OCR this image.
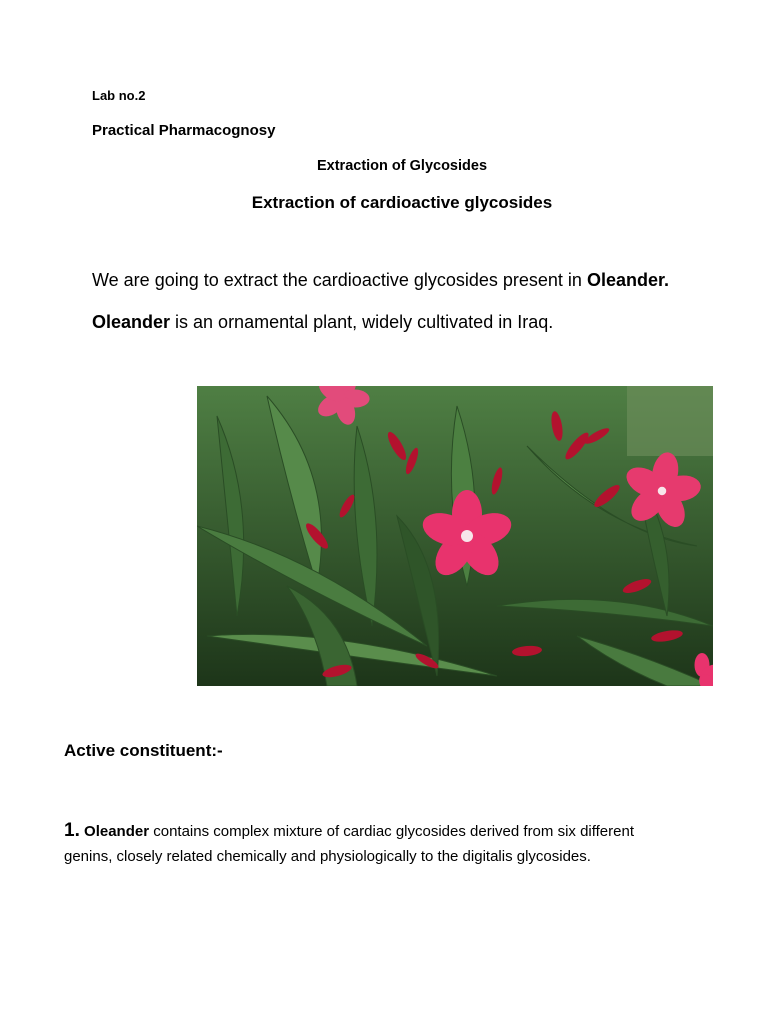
Lab no.2
Practical Pharmacognosy
Extraction of Glycosides
Extraction of cardioactive glycosides
We are going to extract the cardioactive glycosides present in Oleander.
Oleander is an ornamental plant, widely cultivated in Iraq.
Active constituent:-
1. Oleander contains complex mixture of cardiac glycosides derived from six different genins, closely related chemically and physiologically to the digitalis glycosides.
